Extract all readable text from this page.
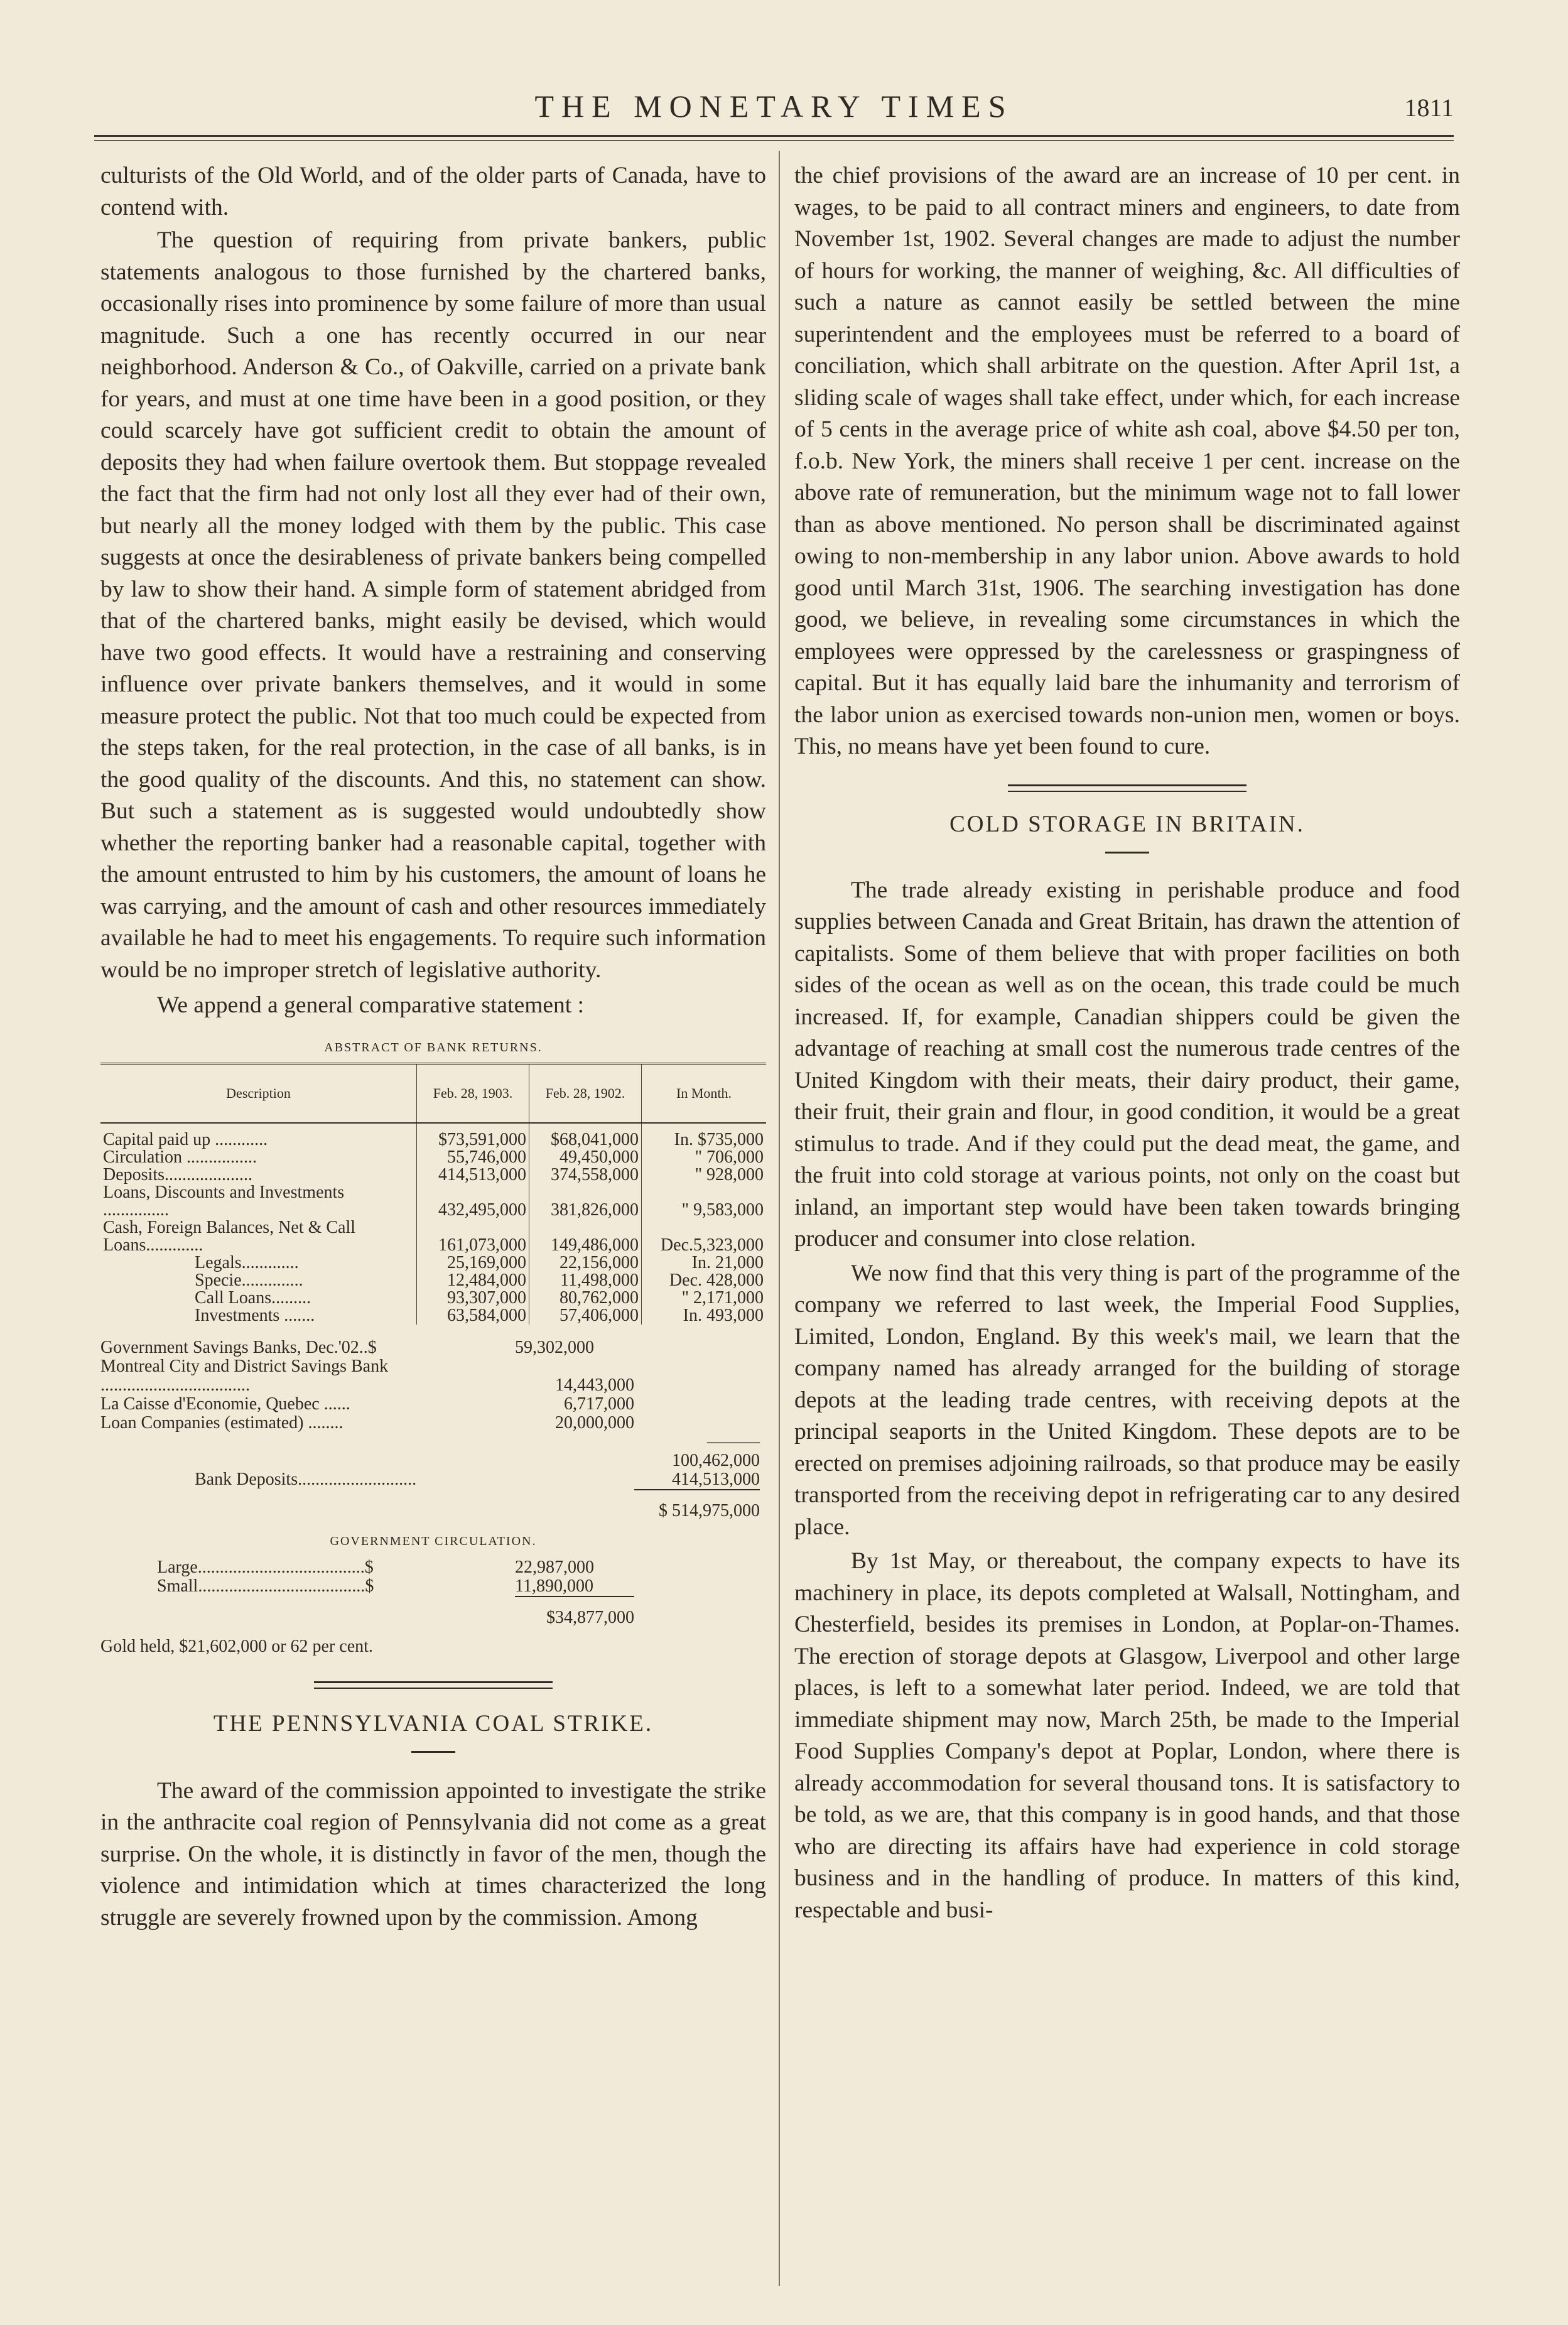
THE MONETARY TIMES	1811

culturists of the Old World, and of the older parts of Canada, have to contend with.

The question of requiring from private bankers, public statements analogous to those furnished by the chartered banks, occasionally rises into prominence by some failure of more than usual magnitude. Such a one has recently occurred in our near neighborhood. Anderson & Co., of Oakville, carried on a private bank for years, and must at one time have been in a good position, or they could scarcely have got sufficient credit to obtain the amount of deposits they had when failure overtook them. But stoppage revealed the fact that the firm had not only lost all they ever had of their own, but nearly all the money lodged with them by the public. This case suggests at once the desirableness of private bankers being compelled by law to show their hand. A simple form of statement abridged from that of the chartered banks, might easily be devised, which would have two good effects. It would have a restraining and conserving influence over private bankers themselves, and it would in some measure protect the public. Not that too much could be expected from the steps taken, for the real protection, in the case of all banks, is in the good quality of the discounts. And this, no statement can show. But such a statement as is suggested would undoubtedly show whether the reporting banker had a reasonable capital, together with the amount entrusted to him by his customers, the amount of loans he was carrying, and the amount of cash and other resources immediately available he had to meet his engagements. To require such information would be no improper stretch of legislative authority.

We append a general comparative statement :

ABSTRACT OF BANK RETURNS.

Description	Feb. 28, 1903.	Feb. 28, 1902.	In Month.
Capital paid up ............	$73,591,000	$68,041,000	In. $735,000
Circulation ................	55,746,000	49,450,000	" 706,000
Deposits....................	414,513,000	374,558,000	" 928,000
Loans, Discounts and Investments ...............	432,495,000	381,826,000	" 9,583,000
Cash, Foreign Balances, Net & Call Loans.............	161,073,000	149,486,000	Dec.5,323,000
Legals.............	25,169,000	22,156,000	In. 21,000
Specie..............	12,484,000	11,498,000	Dec. 428,000
Call Loans.........	93,307,000	80,762,000	" 2,171,000
Investments .......	63,584,000	57,406,000	In. 493,000
Government Savings Banks, Dec.'02..$	59,302,000
Montreal City and District Savings Bank ..................................	14,443,000
La Caisse d'Economie, Quebec ......	6,717,000
Loan Companies (estimated) ........	20,000,000
———100,462,000
Bank Deposits...........................	414,513,000
$ 514,975,000
GOVERNMENT CIRCULATION.
Large......................................$	22,987,000
Small......................................$	11,890,000
$34,877,000
Gold held, $21,602,000 or 62 per cent.

THE PENNSYLVANIA COAL STRIKE.

The award of the commission appointed to investigate the strike in the anthracite coal region of Pennsylvania did not come as a great surprise. On the whole, it is distinctly in favor of the men, though the violence and intimidation which at times characterized the long struggle are severely frowned upon by the commission. Among

the chief provisions of the award are an increase of 10 per cent. in wages, to be paid to all contract miners and engineers, to date from November 1st, 1902. Several changes are made to adjust the number of hours for working, the manner of weighing, &c. All difficulties of such a nature as cannot easily be settled between the mine superintendent and the employees must be referred to a board of conciliation, which shall arbitrate on the question. After April 1st, a sliding scale of wages shall take effect, under which, for each increase of 5 cents in the average price of white ash coal, above $4.50 per ton, f.o.b. New York, the miners shall receive 1 per cent. increase on the above rate of remuneration, but the minimum wage not to fall lower than as above mentioned. No person shall be discriminated against owing to non-membership in any labor union. Above awards to hold good until March 31st, 1906. The searching investigation has done good, we believe, in revealing some circumstances in which the employees were oppressed by the carelessness or graspingness of capital. But it has equally laid bare the inhumanity and terrorism of the labor union as exercised towards non-union men, women or boys. This, no means have yet been found to cure.

COLD STORAGE IN BRITAIN.

The trade already existing in perishable produce and food supplies between Canada and Great Britain, has drawn the attention of capitalists. Some of them believe that with proper facilities on both sides of the ocean as well as on the ocean, this trade could be much increased. If, for example, Canadian shippers could be given the advantage of reaching at small cost the numerous trade centres of the United Kingdom with their meats, their dairy product, their game, their fruit, their grain and flour, in good condition, it would be a great stimulus to trade. And if they could put the dead meat, the game, and the fruit into cold storage at various points, not only on the coast but inland, an important step would have been taken towards bringing producer and consumer into close relation.

We now find that this very thing is part of the programme of the company we referred to last week, the Imperial Food Supplies, Limited, London, England. By this week's mail, we learn that the company named has already arranged for the building of storage depots at the leading trade centres, with receiving depots at the principal seaports in the United Kingdom. These depots are to be erected on premises adjoining railroads, so that produce may be easily transported from the receiving depot in refrigerating car to any desired place.

By 1st May, or thereabout, the company expects to have its machinery in place, its depots completed at Walsall, Nottingham, and Chesterfield, besides its premises in London, at Poplar-on-Thames. The erection of storage depots at Glasgow, Liverpool and other large places, is left to a somewhat later period. Indeed, we are told that immediate shipment may now, March 25th, be made to the Imperial Food Supplies Company's depot at Poplar, London, where there is already accommodation for several thousand tons. It is satisfactory to be told, as we are, that this company is in good hands, and that those who are directing its affairs have had experience in cold storage business and in the handling of produce. In matters of this kind, respectable and busi-
